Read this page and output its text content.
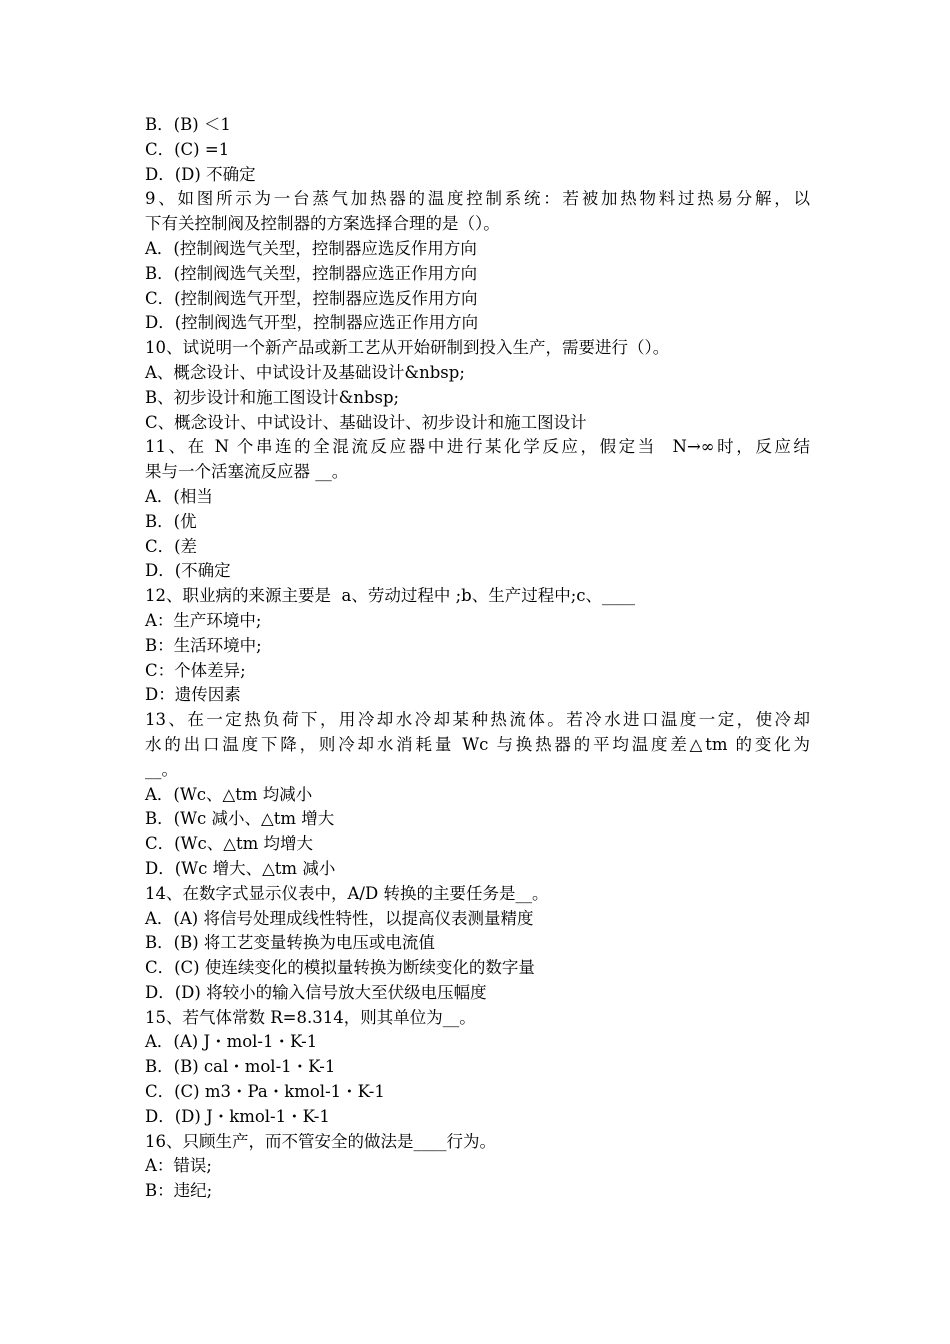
B．(B) ＜1
C．(C) =1
D．(D) 不确定
9、如图所示为一台蒸气加热器的温度控制系统：若被加热物料过热易分解，以
下有关控制阀及控制器的方案选择合理的是（）。
A．(控制阀选气关型，控制器应选反作用方向
B．(控制阀选气关型，控制器应选正作用方向
C．(控制阀选气开型，控制器应选反作用方向
D．(控制阀选气开型，控制器应选正作用方向
10、试说明一个新产品或新工艺从开始研制到投入生产，需要进行（）。
A、概念设计、中试设计及基础设计&nbsp;
B、初步设计和施工图设计&nbsp;
C、概念设计、中试设计、基础设计、初步设计和施工图设计
11、在 N 个串连的全混流反应器中进行某化学反应，假定当  N→∞时，反应结
果与一个活塞流反应器 __。
A．(相当
B．(优
C．(差
D．(不确定
12、职业病的来源主要是  a、劳动过程中 ;b、生产过程中;c、____
A：生产环境中;
B：生活环境中;
C：个体差异;
D：遗传因素
13、在一定热负荷下，用冷却水冷却某种热流体。若冷水进口温度一定，使冷却
水的出口温度下降，则冷却水消耗量 Wc 与换热器的平均温度差△tm 的变化为
__。
A．(Wc、△tm 均减小
B．(Wc 减小、△tm 增大
C．(Wc、△tm 均增大
D．(Wc 增大、△tm 减小
14、在数字式显示仪表中，A/D 转换的主要任务是__。
A．(A) 将信号处理成线性特性，以提高仪表测量精度
B．(B) 将工艺变量转换为电压或电流值
C．(C) 使连续变化的模拟量转换为断续变化的数字量
D．(D) 将较小的输入信号放大至伏级电压幅度
15、若气体常数 R=8.314，则其单位为__。
A．(A) J・mol-1・K-1
B．(B) cal・mol-1・K-1
C．(C) m3・Pa・kmol-1・K-1
D．(D) J・kmol-1・K-1
16、只顾生产，而不管安全的做法是____行为。
A：错误;
B：违纪;
